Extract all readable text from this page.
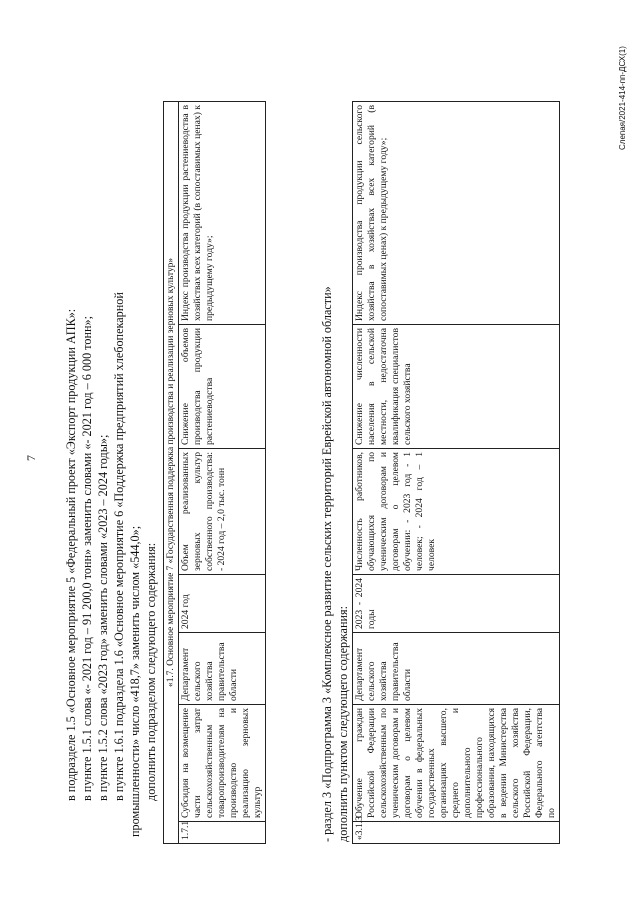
7 в подразделе 1.5 «Основное мероприятие 5 «Федеральный проект «Экспорт продукции АПК»: в пункте 1.5.1 слова «- 2021 год – 91 200,0 тонн» заменить словами «- 2021 год – 6 000 тонн»; в пункте 1.5.2 слова «2023 год» заменить словами «2023 – 2024 годы»; в пункте 1.6.1 подраздела 1.6 «Основное мероприятие 6 «Поддержка предприятий хлебопекарной промышленности» число «418,7» заменить числом «544,0»; дополнить подразделом следующего содержания: «1.7. Основное мероприятие 7 «Государственная поддержка производства и реализации зерновых культур»
1.7.1	Субсидия на возмещение части затрат сельскохозяйственным товаропроизводителям на производство и реализацию зерновых культур	Департамент сельского хозяйства правительства области	2024 год	Объем реализованных зерновых культур собственного производства: - 2024 год – 2,0 тыс. тонн	Снижение объемов производства продукции растениеводства	Индекс производства продукции растениеводства в хозяйствах всех категорий (в сопоставимых ценах) к предыдущему году»;
- раздел 3 «Подпрограмма 3 «Комплексное развитие сельских территорий Еврейской автономной области» дополнить пунктом следующего содержания: «3.1.3	Обучение граждан Российской Федерации сельскохозяйственным по ученическим договорам и договорам о целевом обучении в федеральных государственных организациях высшего, среднего и дополнительного профессионального образования, находящихся в ведении Министерства сельского хозяйства Российской Федерации, Федерального агентства по	Департамент сельского хозяйства правительства области	2023 - 2024 годы	Численность работников, обучающихся по ученическим договорам и договорам о целевом обучении: - 2023 год - 1 человек; - 2024 год – 1 человек	Снижение численности населения в сельской местности, недостаточна квалификация специалистов сельского хозяйства	Индекс производства продукции сельского хозяйства в хозяйствах всех категорий (в сопоставимых ценах) к предыдущему году»;
Слепая/2021-414-пп-ДСХ(1)
